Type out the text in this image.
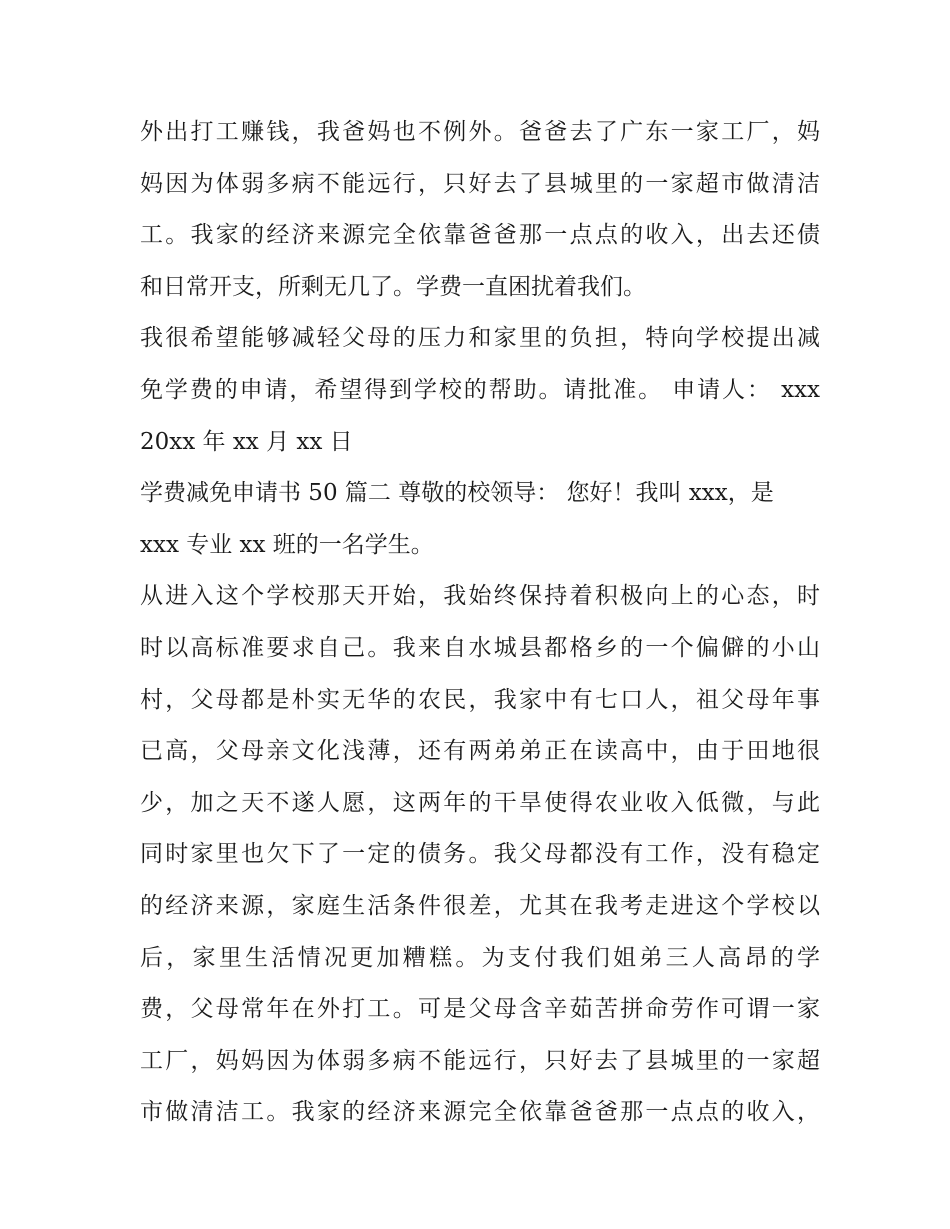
外出打工赚钱，我爸妈也不例外。爸爸去了广东一家工厂，妈
妈因为体弱多病不能远行，只好去了县城里的一家超市做清洁
工。我家的经济来源完全依靠爸爸那一点点的收入，出去还债
和日常开支，所剩无几了。学费一直困扰着我们。
我很希望能够减轻父母的压力和家里的负担，特向学校提出减
免学费的申请，希望得到学校的帮助。请批准。 申请人： xxx
20xx 年 xx 月 xx 日
学费减免申请书 50 篇二 尊敬的校领导： 您好！我叫 xxx，是
xxx 专业 xx 班的一名学生。
从进入这个学校那天开始，我始终保持着积极向上的心态，时
时以高标准要求自己。我来自水城县都格乡的一个偏僻的小山
村，父母都是朴实无华的农民，我家中有七口人，祖父母年事
已高，父母亲文化浅薄，还有两弟弟正在读高中，由于田地很
少，加之天不遂人愿，这两年的干旱使得农业收入低微，与此
同时家里也欠下了一定的债务。我父母都没有工作，没有稳定
的经济来源，家庭生活条件很差，尤其在我考走进这个学校以
后，家里生活情况更加糟糕。为支付我们姐弟三人高昂的学
费，父母常年在外打工。可是父母含辛茹苦拼命劳作可谓一家
工厂，妈妈因为体弱多病不能远行，只好去了县城里的一家超
市做清洁工。我家的经济来源完全依靠爸爸那一点点的收入，
